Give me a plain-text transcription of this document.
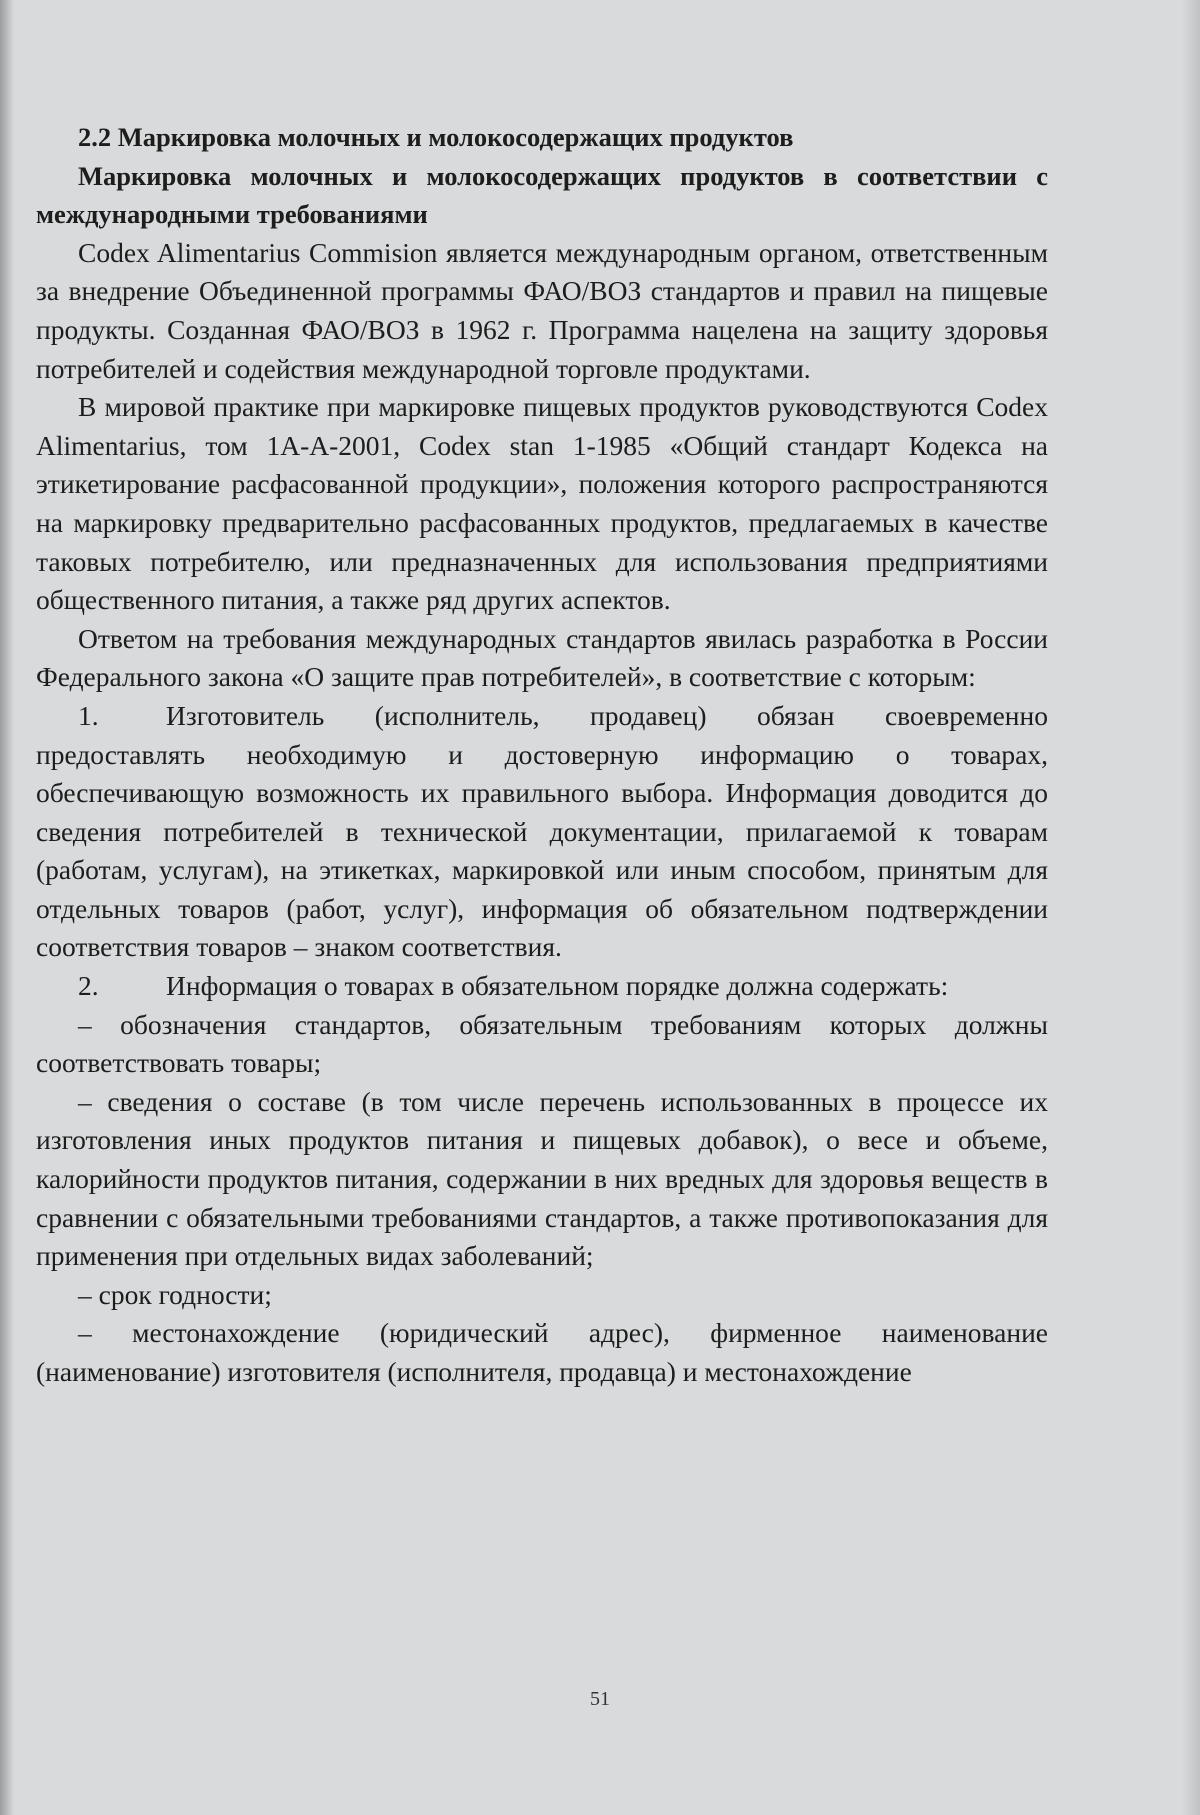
2.2 Маркировка молочных и молокосодержащих продуктов

Маркировка молочных и молокосодержащих продуктов в соответствии с международными требованиями

Codex Alimentarius Commision является международным органом, ответственным за внедрение Объединенной программы ФАО/ВОЗ стандартов и правил на пищевые продукты. Созданная ФАО/ВОЗ в 1962 г. Программа нацелена на защиту здоровья потребителей и содействия международной торговле продуктами.

В мировой практике при маркировке пищевых продуктов руководствуются Codex Alimentarius, том 1А-А-2001, Codex stan 1-1985 «Общий стандарт Кодекса на этикетирование расфасованной продукции», положения которого распространяются на маркировку предварительно расфасованных продуктов, предлагаемых в качестве таковых потребителю, или предназначенных для использования предприятиями общественного питания, а также ряд других аспектов.

Ответом на требования международных стандартов явилась разработка в России Федерального закона «О защите прав потребителей», в соответствие с которым:

1. Изготовитель (исполнитель, продавец) обязан своевременно предоставлять необходимую и достоверную информацию о товарах, обеспечивающую возможность их правильного выбора. Информация доводится до сведения потребителей в технической документации, прилагаемой к товарам (работам, услугам), на этикетках, маркировкой или иным способом, принятым для отдельных товаров (работ, услуг), информация об обязательном подтверждении соответствия товаров – знаком соответствия.

2. Информация о товарах в обязательном порядке должна содержать:

– обозначения стандартов, обязательным требованиям которых должны соответствовать товары;

– сведения о составе (в том числе перечень использованных в процессе их изготовления иных продуктов питания и пищевых добавок), о весе и объеме, калорийности продуктов питания, содержании в них вредных для здоровья веществ в сравнении с обязательными требованиями стандартов, а также противопоказания для применения при отдельных видах заболеваний;

– срок годности;

– местонахождение (юридический адрес), фирменное наименование (наименование) изготовителя (исполнителя, продавца) и местонахождение

51
